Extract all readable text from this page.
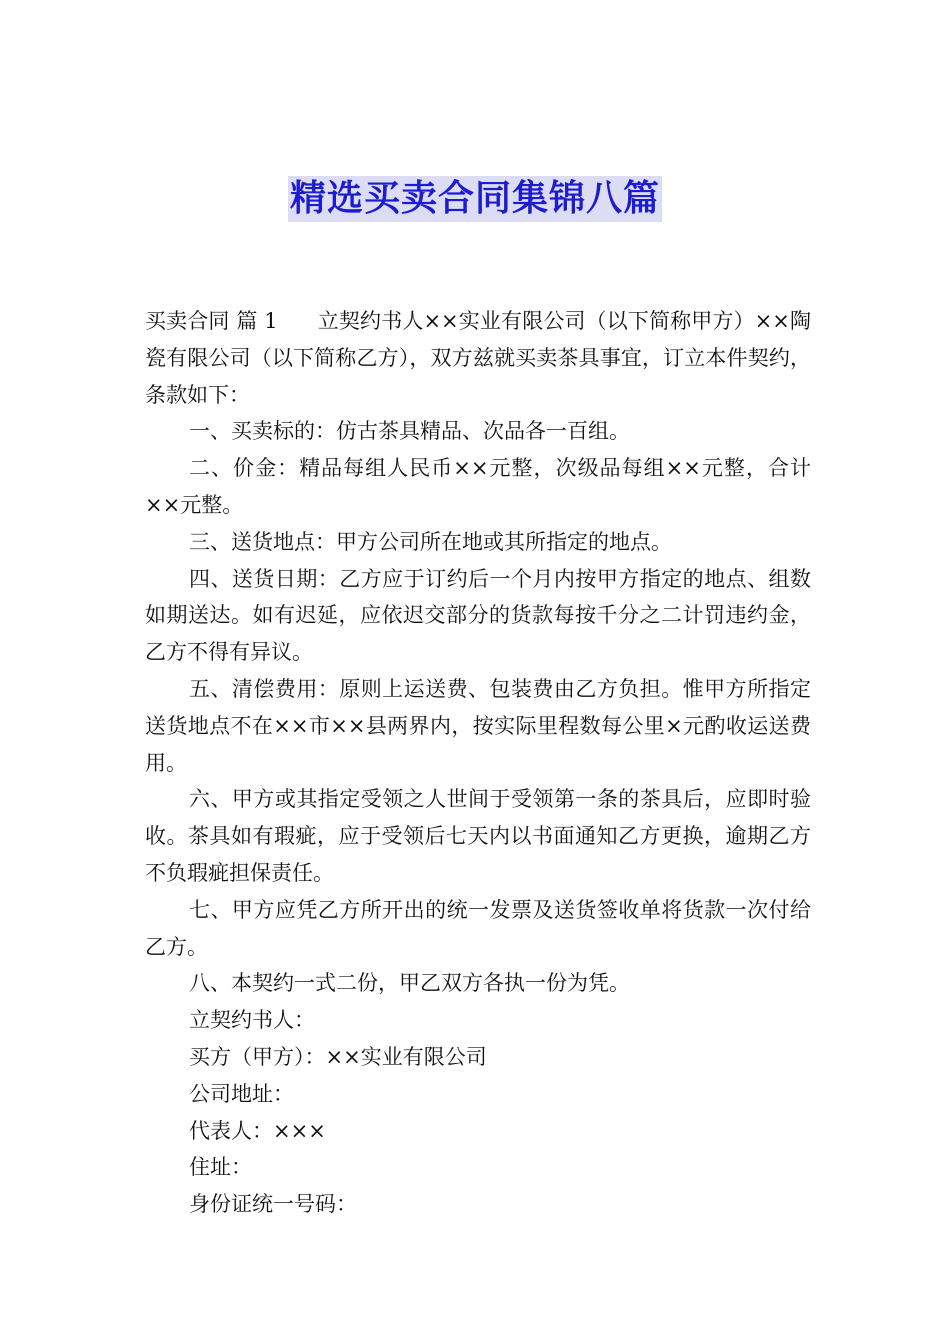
精选买卖合同集锦八篇

买卖合同 篇 1 立契约书人××实业有限公司（以下简称甲方）××陶瓷有限公司（以下简称乙方），双方兹就买卖茶具事宜，订立本件契约，条款如下：

一、买卖标的：仿古茶具精品、次品各一百组。

二、价金：精品每组人民币××元整，次级品每组××元整，合计××元整。

三、送货地点：甲方公司所在地或其所指定的地点。

四、送货日期：乙方应于订约后一个月内按甲方指定的地点、组数如期送达。如有迟延，应依迟交部分的货款每按千分之二计罚违约金，乙方不得有异议。

五、清偿费用：原则上运送费、包装费由乙方负担。惟甲方所指定送货地点不在××市××县两界内，按实际里程数每公里×元酌收运送费用。

六、甲方或其指定受领之人世间于受领第一条的茶具后，应即时验收。茶具如有瑕疵，应于受领后七天内以书面通知乙方更换，逾期乙方不负瑕疵担保责任。

七、甲方应凭乙方所开出的统一发票及送货签收单将货款一次付给乙方。

八、本契约一式二份，甲乙双方各执一份为凭。

立契约书人：

买方（甲方）：××实业有限公司

公司地址：

代表人：×××

住址：

身份证统一号码：
